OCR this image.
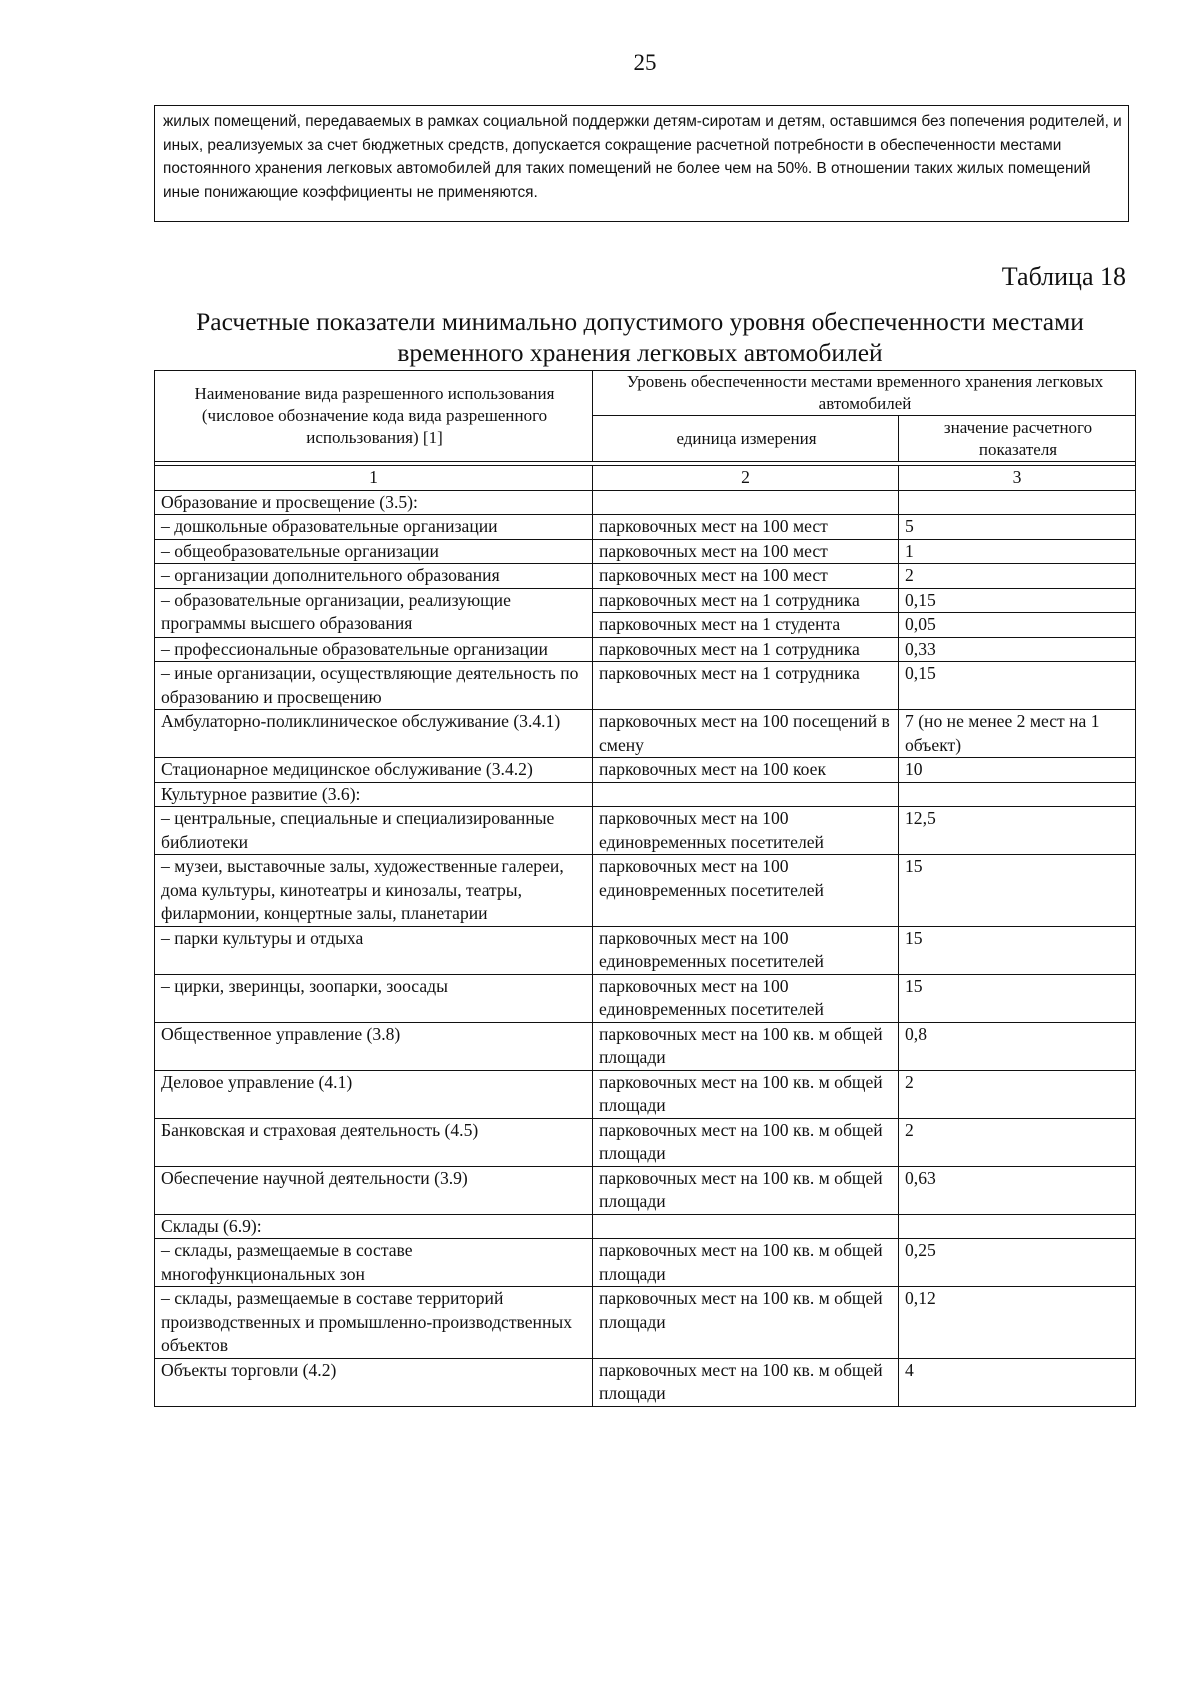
25
жилых помещений, передаваемых в рамках социальной поддержки детям-сиротам и детям, оставшимся без попечения родителей, и иных, реализуемых за счет бюджетных средств, допускается сокращение расчетной потребности в обеспеченности местами постоянного хранения легковых автомобилей для таких помещений не более чем на 50%. В отношении таких жилых помещений иные понижающие коэффициенты не применяются.
Таблица 18
Расчетные показатели минимально допустимого уровня обеспеченности местами временного хранения легковых автомобилей
Наименование вида разрешенного использования (числовое обозначение кода вида разрешенного использования) [1]	Уровень обеспеченности местами временного хранения легковых автомобилей	
	единица измерения	значение расчетного показателя

1	2	3
Образование и просвещение (3.5):		
– дошкольные образовательные организации	парковочных мест на 100 мест	5
– общеобразовательные организации	парковочных мест на 100 мест	1
– организации дополнительного образования	парковочных мест на 100 мест	2
– образовательные организации, реализующие программы высшего образования	парковочных мест на 1 сотрудника	0,15
	парковочных мест на 1 студента	0,05
– профессиональные образовательные организации	парковочных мест на 1 сотрудника	0,33
– иные организации, осуществляющие деятельность по образованию и просвещению	парковочных мест на 1 сотрудника	0,15
Амбулаторно-поликлиническое обслуживание (3.4.1)	парковочных мест на 100 посещений в смену	7 (но не менее 2 мест на 1 объект)
Стационарное медицинское обслуживание (3.4.2)	парковочных мест на 100 коек	10
Культурное развитие (3.6):		
– центральные, специальные и специализированные библиотеки	парковочных мест на 100 единовременных посетителей	12,5
– музеи, выставочные залы, художественные галереи, дома культуры, кинотеатры и кинозалы, театры, филармонии, концертные залы, планетарии	парковочных мест на 100 единовременных посетителей	15
– парки культуры и отдыха	парковочных мест на 100 единовременных посетителей	15
– цирки, зверинцы, зоопарки, зоосады	парковочных мест на 100 единовременных посетителей	15
Общественное управление (3.8)	парковочных мест на 100 кв. м общей площади	0,8
Деловое управление (4.1)	парковочных мест на 100 кв. м общей площади	2
Банковская и страховая деятельность (4.5)	парковочных мест на 100 кв. м общей площади	2
Обеспечение научной деятельности (3.9)	парковочных мест на 100 кв. м общей площади	0,63
Склады (6.9):		
– склады, размещаемые в составе многофункциональных зон	парковочных мест на 100 кв. м общей площади	0,25
– склады, размещаемые в составе территорий производственных и промышленно-производственных объектов	парковочных мест на 100 кв. м общей площади	0,12
Объекты торговли (4.2)	парковочных мест на 100 кв. м общей площади	4
